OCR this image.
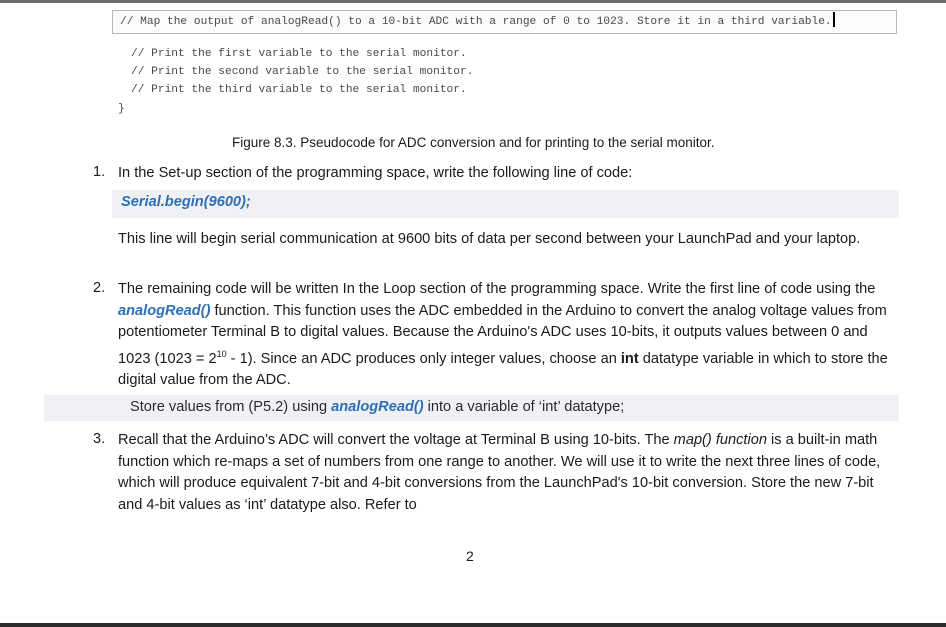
// Map the output of analogRead() to a 10-bit ADC with a range of 0 to 1023. Store it in a third variable.
// Print the first variable to the serial monitor.
// Print the second variable to the serial monitor.
// Print the third variable to the serial monitor.
}
Figure 8.3. Pseudocode for ADC conversion and for printing to the serial monitor.
1. In the Set-up section of the programming space, write the following line of code:
Serial.begin(9600);
This line will begin serial communication at 9600 bits of data per second between your LaunchPad and your laptop.
2. The remaining code will be written In the Loop section of the programming space. Write the first line of code using the analogRead() function. This function uses the ADC embedded in the Arduino to convert the analog voltage values from potentiometer Terminal B to digital values. Because the Arduino's ADC uses 10-bits, it outputs values between 0 and 1023 $(1023 = 2^{10} - 1)$. Since an ADC produces only integer values, choose an int datatype variable in which to store the digital value from the ADC.
Store values from (P5.2) using analogRead() into a variable of ‘int’ datatype;
3. Recall that the Arduino’s ADC will convert the voltage at Terminal B using 10-bits. The map() function is a built-in math function which re-maps a set of numbers from one range to another. We will use it to write the next three lines of code, which will produce equivalent 7-bit and 4-bit conversions from the LaunchPad's 10-bit conversion. Store the new 7-bit and 4-bit values as ‘int’ datatype also. Refer to
2
